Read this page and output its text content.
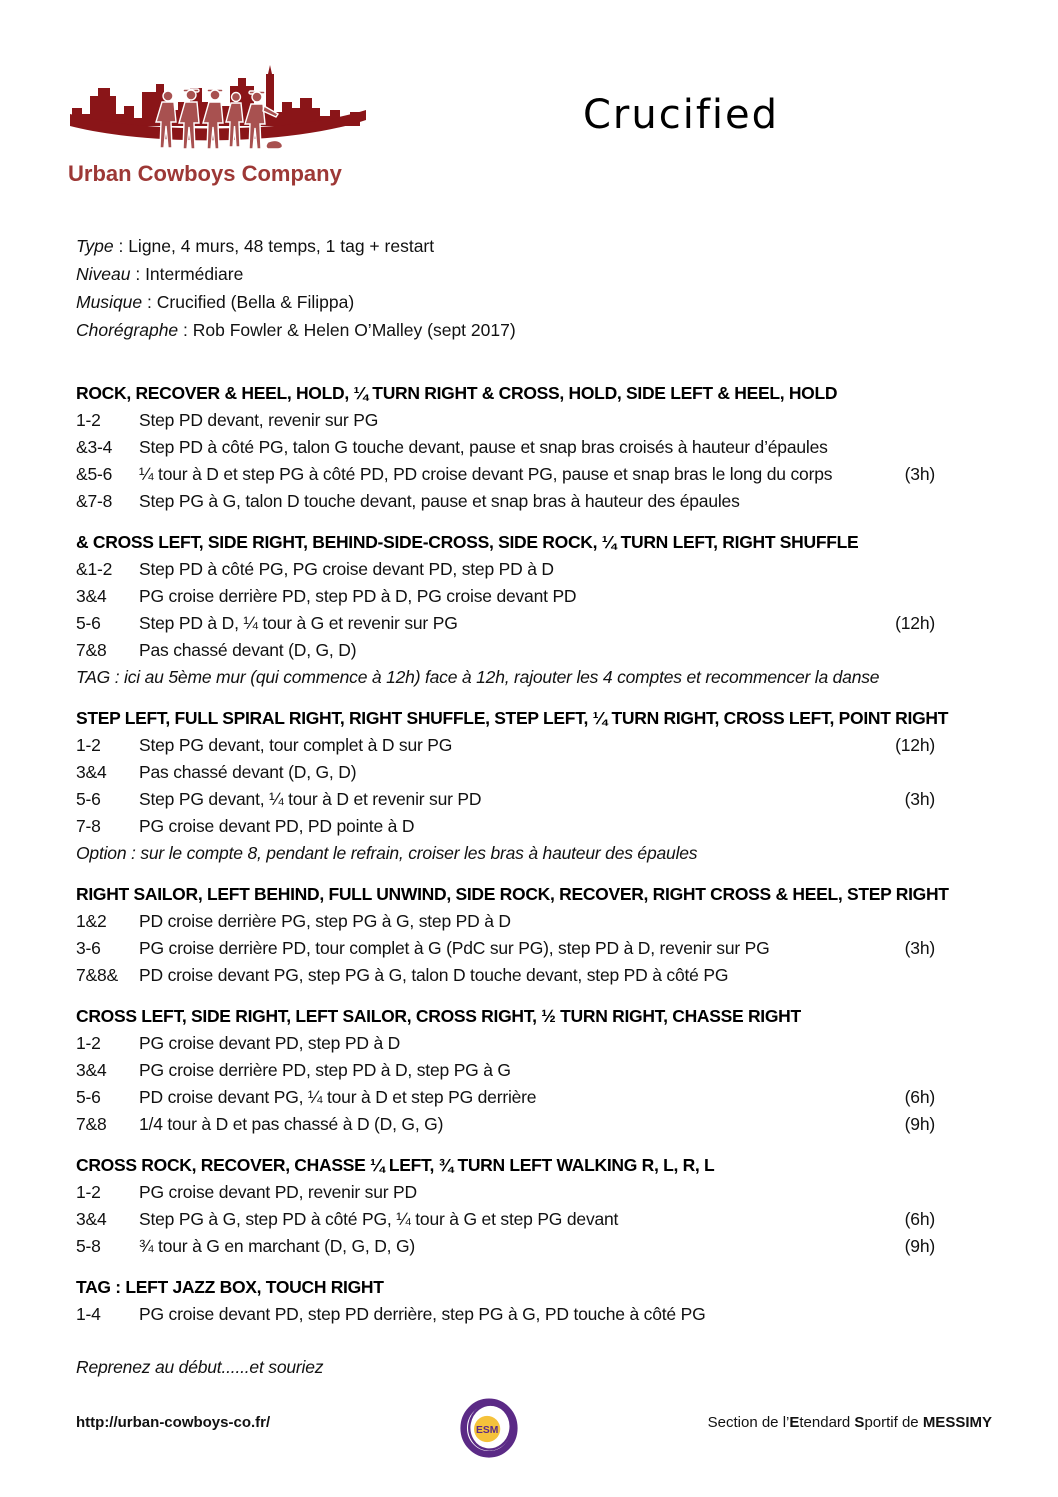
Urban Cowboys Company
Crucified
Type : Ligne, 4 murs, 48 temps, 1 tag + restart
Niveau : Intermédiare
Musique : Crucified (Bella & Filippa)
Chorégraphe : Rob Fowler & Helen O’Malley (sept 2017)
ROCK, RECOVER & HEEL, HOLD, ¼ TURN RIGHT & CROSS, HOLD, SIDE LEFT & HEEL, HOLD
1-2	Step PD devant, revenir sur PG
&3-4	Step PD à côté PG, talon G touche devant, pause et snap bras croisés à hauteur d’épaules
&5-6	¼ tour à D et step PG à côté PD, PD croise devant PG, pause et snap bras le long du corps	(3h)
&7-8	Step PG à G, talon D touche devant, pause et snap bras à hauteur des épaules
& CROSS LEFT, SIDE RIGHT, BEHIND-SIDE-CROSS, SIDE ROCK, ¼ TURN LEFT, RIGHT SHUFFLE
&1-2	Step PD à côté PG, PG croise devant PD, step PD à D
3&4	PG croise derrière PD, step PD à D, PG croise devant PD
5-6	Step PD à D, ¼ tour à G et revenir sur PG	(12h)
7&8	Pas chassé devant (D, G, D)
TAG : ici au 5ème mur (qui commence à 12h) face à 12h, rajouter les 4 comptes et recommencer la danse
STEP LEFT, FULL SPIRAL RIGHT, RIGHT SHUFFLE, STEP LEFT, ¼ TURN RIGHT, CROSS LEFT, POINT RIGHT
1-2	Step PG devant, tour complet à D sur PG	(12h)
3&4	Pas chassé devant (D, G, D)
5-6	Step PG devant, ¼ tour à D et revenir sur PD	(3h)
7-8	PG croise devant PD, PD pointe à D
Option : sur le compte 8, pendant le refrain, croiser les bras à hauteur des épaules
RIGHT SAILOR, LEFT BEHIND, FULL UNWIND, SIDE ROCK, RECOVER, RIGHT CROSS & HEEL, STEP RIGHT
1&2	PD croise derrière PG, step PG à G, step PD à D
3-6	PG croise derrière PD, tour complet à G (PdC sur PG), step PD à D, revenir sur PG	(3h)
7&8&	PD croise devant PG, step PG à G, talon D touche devant, step PD à côté PG
CROSS LEFT, SIDE RIGHT, LEFT SAILOR, CROSS RIGHT, ½ TURN RIGHT, CHASSE RIGHT
1-2	PG croise devant PD, step PD à D
3&4	PG croise derrière PD, step PD à D, step PG à G
5-6	PD croise devant PG, ¼ tour à D et step PG derrière	(6h)
7&8	1/4 tour à D et pas chassé à D (D, G, G)	(9h)
CROSS ROCK, RECOVER, CHASSE ¼ LEFT, ¾ TURN LEFT WALKING R, L, R, L
1-2	PG croise devant PD, revenir sur PD
3&4	Step PG à G, step PD à côté PG, ¼ tour à G et step PG devant	(6h)
5-8	¾ tour à G en marchant (D, G, D, G)	(9h)
TAG : LEFT JAZZ BOX, TOUCH RIGHT
1-4	PG croise devant PD, step PD derrière, step PG à G, PD touche à côté PG
Reprenez au début......et souriez
http://urban-cowboys-co.fr/	ESM	Section de l’Etendard Sportif de MESSIMY
